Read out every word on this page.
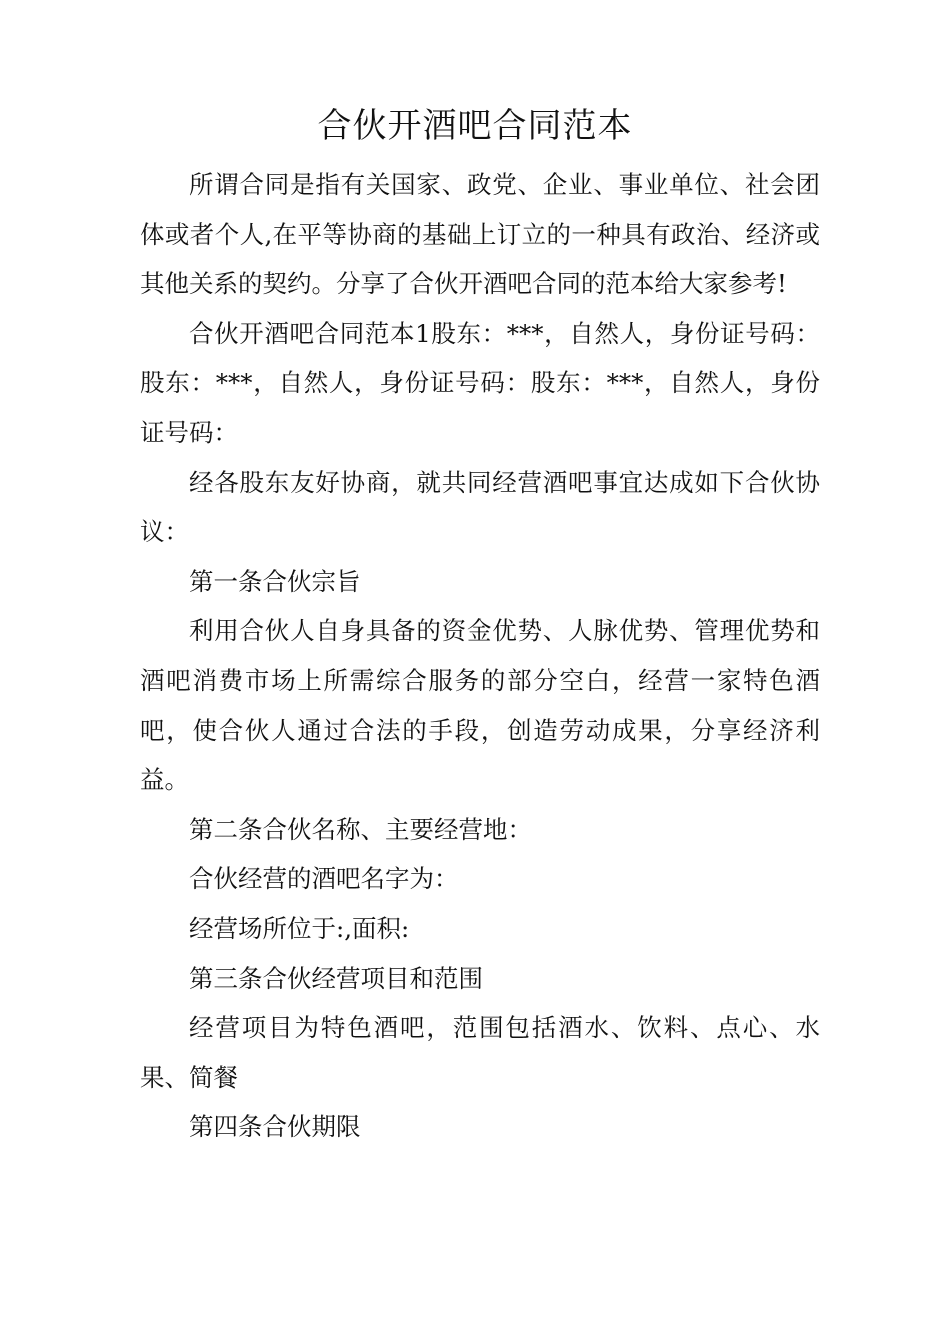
合伙开酒吧合同范本

所谓合同是指有关国家、政党、企业、事业单位、社会团体或者个人,在平等协商的基础上订立的一种具有政治、经济或其他关系的契约。分享了合伙开酒吧合同的范本给大家参考!

合伙开酒吧合同范本1股东：***，自然人，身份证号码：股东：***，自然人，身份证号码：股东：***，自然人，身份证号码：

经各股东友好协商，就共同经营酒吧事宜达成如下合伙协议：

第一条合伙宗旨

利用合伙人自身具备的资金优势、人脉优势、管理优势和酒吧消费市场上所需综合服务的部分空白，经营一家特色酒吧，使合伙人通过合法的手段，创造劳动成果，分享经济利益。

第二条合伙名称、主要经营地：

合伙经营的酒吧名字为：

经营场所位于:,面积:

第三条合伙经营项目和范围

经营项目为特色酒吧，范围包括酒水、饮料、点心、水果、简餐

第四条合伙期限
